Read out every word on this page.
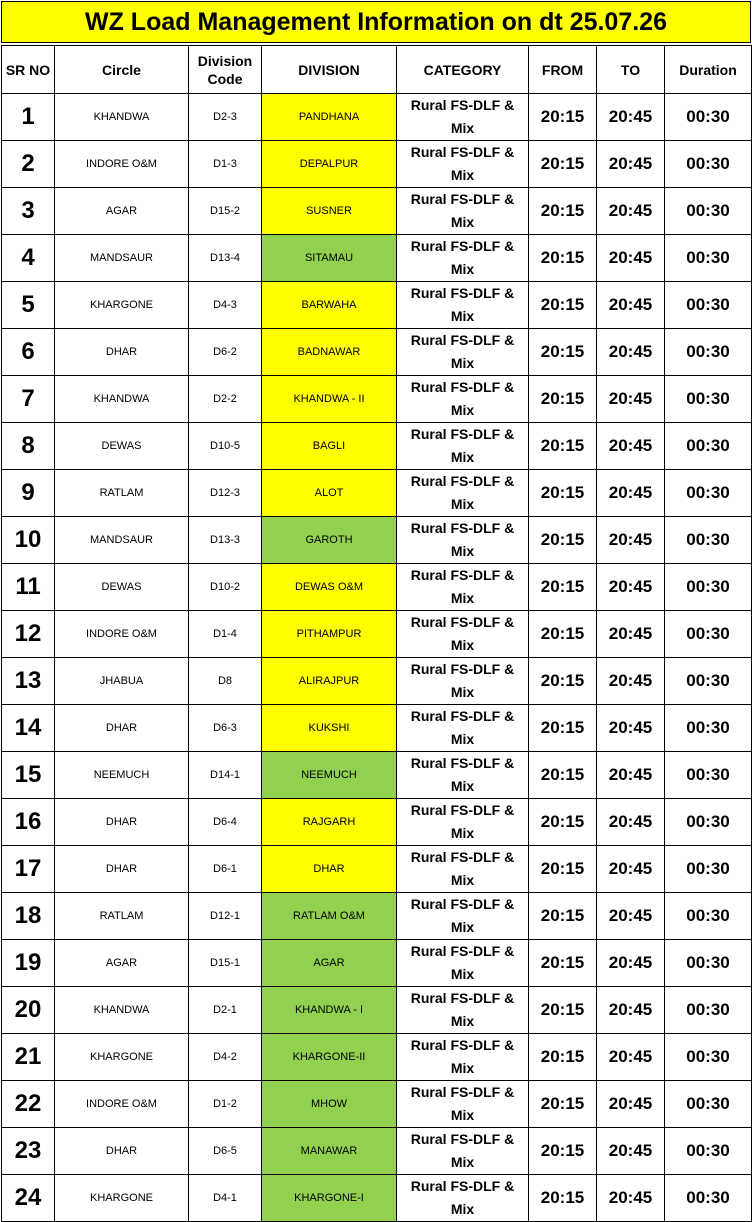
WZ Load Management Information on dt 25.07.26
SR NO	Circle	Division
Code	DIVISION	CATEGORY	FROM	TO	Duration
1	KHANDWA	D2-3	PANDHANA	Rural FS-DLF &
Mix	20:15	20:45	00:30
2	INDORE O&M	D1-3	DEPALPUR	Rural FS-DLF &
Mix	20:15	20:45	00:30
3	AGAR	D15-2	SUSNER	Rural FS-DLF &
Mix	20:15	20:45	00:30
4	MANDSAUR	D13-4	SITAMAU	Rural FS-DLF &
Mix	20:15	20:45	00:30
5	KHARGONE	D4-3	BARWAHA	Rural FS-DLF &
Mix	20:15	20:45	00:30
6	DHAR	D6-2	BADNAWAR	Rural FS-DLF &
Mix	20:15	20:45	00:30
7	KHANDWA	D2-2	KHANDWA - II	Rural FS-DLF &
Mix	20:15	20:45	00:30
8	DEWAS	D10-5	BAGLI	Rural FS-DLF &
Mix	20:15	20:45	00:30
9	RATLAM	D12-3	ALOT	Rural FS-DLF &
Mix	20:15	20:45	00:30
10	MANDSAUR	D13-3	GAROTH	Rural FS-DLF &
Mix	20:15	20:45	00:30
11	DEWAS	D10-2	DEWAS O&M	Rural FS-DLF &
Mix	20:15	20:45	00:30
12	INDORE O&M	D1-4	PITHAMPUR	Rural FS-DLF &
Mix	20:15	20:45	00:30
13	JHABUA	D8	ALIRAJPUR	Rural FS-DLF &
Mix	20:15	20:45	00:30
14	DHAR	D6-3	KUKSHI	Rural FS-DLF &
Mix	20:15	20:45	00:30
15	NEEMUCH	D14-1	NEEMUCH	Rural FS-DLF &
Mix	20:15	20:45	00:30
16	DHAR	D6-4	RAJGARH	Rural FS-DLF &
Mix	20:15	20:45	00:30
17	DHAR	D6-1	DHAR	Rural FS-DLF &
Mix	20:15	20:45	00:30
18	RATLAM	D12-1	RATLAM O&M	Rural FS-DLF &
Mix	20:15	20:45	00:30
19	AGAR	D15-1	AGAR	Rural FS-DLF &
Mix	20:15	20:45	00:30
20	KHANDWA	D2-1	KHANDWA - I	Rural FS-DLF &
Mix	20:15	20:45	00:30
21	KHARGONE	D4-2	KHARGONE-II	Rural FS-DLF &
Mix	20:15	20:45	00:30
22	INDORE O&M	D1-2	MHOW	Rural FS-DLF &
Mix	20:15	20:45	00:30
23	DHAR	D6-5	MANAWAR	Rural FS-DLF &
Mix	20:15	20:45	00:30
24	KHARGONE	D4-1	KHARGONE-I	Rural FS-DLF &
Mix	20:15	20:45	00:30
